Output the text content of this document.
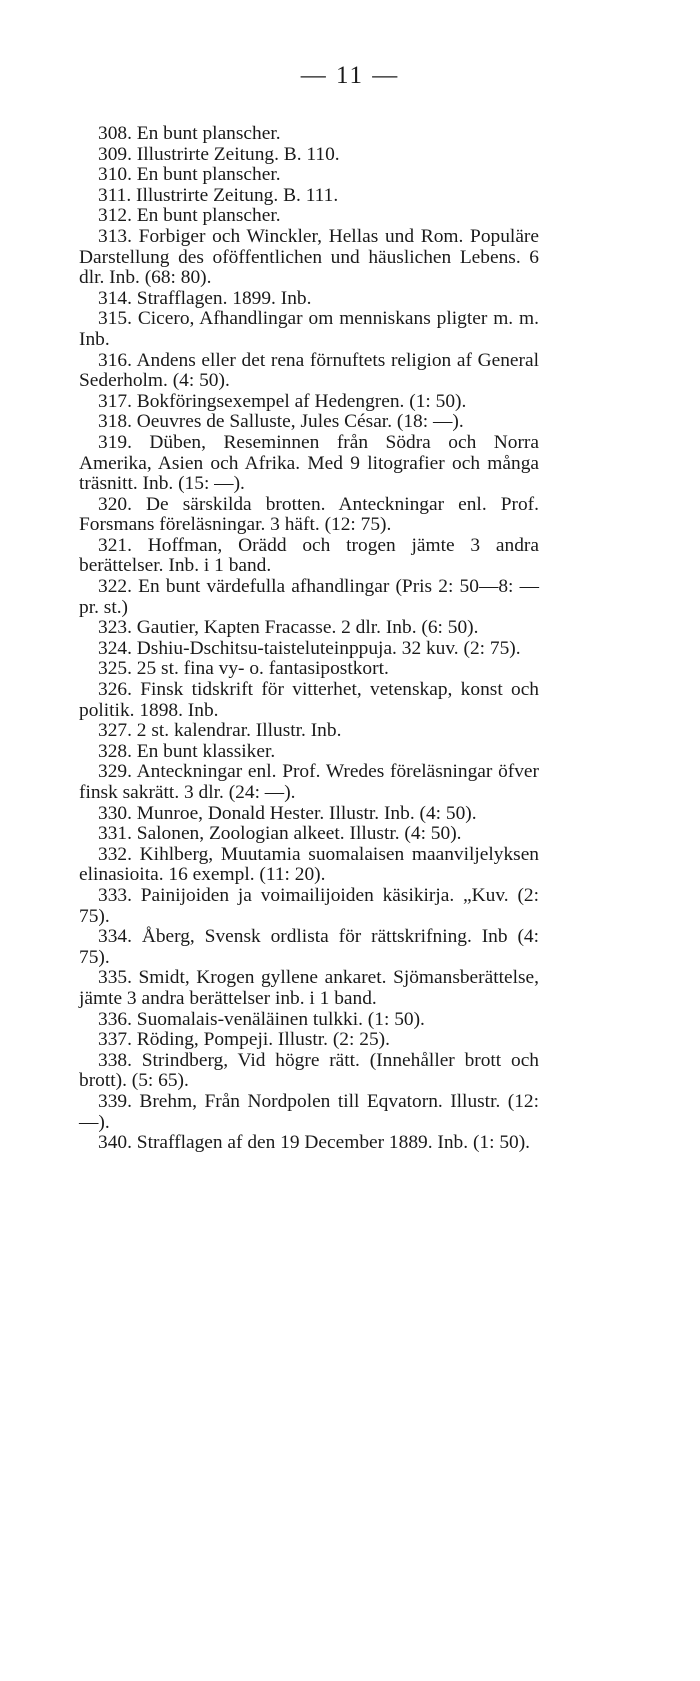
— 11 —

308. En bunt planscher.

309. Illustrirte Zeitung. B. 110.

310. En bunt planscher.

311. Illustrirte Zeitung. B. 111.

312. En bunt planscher.

313. Forbiger och Winckler, Hellas und Rom. Populäre Darstellung des oföffentlichen und häuslichen Lebens. 6 dlr. Inb. (68: 80).

314. Strafflagen. 1899. Inb.

315. Cicero, Afhandlingar om menniskans pligter m. m. Inb.

316. Andens eller det rena förnuftets religion af General Sederholm. (4: 50).

317. Bokföringsexempel af Hedengren. (1: 50).

318. Oeuvres de Salluste, Jules César. (18: —).

319. Düben, Reseminnen från Södra och Norra Amerika, Asien och Afrika. Med 9 litografier och många träsnitt. Inb. (15: —).

320. De särskilda brotten. Anteckningar enl. Prof. Forsmans föreläsningar. 3 häft. (12: 75).

321. Hoffman, Orädd och trogen jämte 3 andra berättelser. Inb. i 1 band.

322. En bunt värdefulla afhandlingar (Pris 2: 50—8: — pr. st.)

323. Gautier, Kapten Fracasse. 2 dlr. Inb. (6: 50).

324. Dshiu-Dschitsu-taisteluteinppuja. 32 kuv. (2: 75).

325. 25 st. fina vy- o. fantasipostkort.

326. Finsk tidskrift för vitterhet, vetenskap, konst och politik. 1898. Inb.

327. 2 st. kalendrar. Illustr. Inb.

328. En bunt klassiker.

329. Anteckningar enl. Prof. Wredes föreläsningar öfver finsk sakrätt. 3 dlr. (24: —).

330. Munroe, Donald Hester. Illustr. Inb. (4: 50).

331. Salonen, Zoologian alkeet. Illustr. (4: 50).

332. Kihlberg, Muutamia suomalaisen maanviljelyksen elinasioita. 16 exempl. (11: 20).

333. Painijoiden ja voimailijoiden käsikirja. „Kuv. (2: 75).

334. Åberg, Svensk ordlista för rättskrifning. Inb (4: 75).

335. Smidt, Krogen gyllene ankaret. Sjömansberättelse, jämte 3 andra berättelser inb. i 1 band.

336. Suomalais-venäläinen tulkki. (1: 50).

337. Röding, Pompeji. Illustr. (2: 25).

338. Strindberg, Vid högre rätt. (Innehåller brott och brott). (5: 65).

339. Brehm, Från Nordpolen till Eqvatorn. Illustr. (12: —).

340. Strafflagen af den 19 December 1889. Inb. (1: 50).
